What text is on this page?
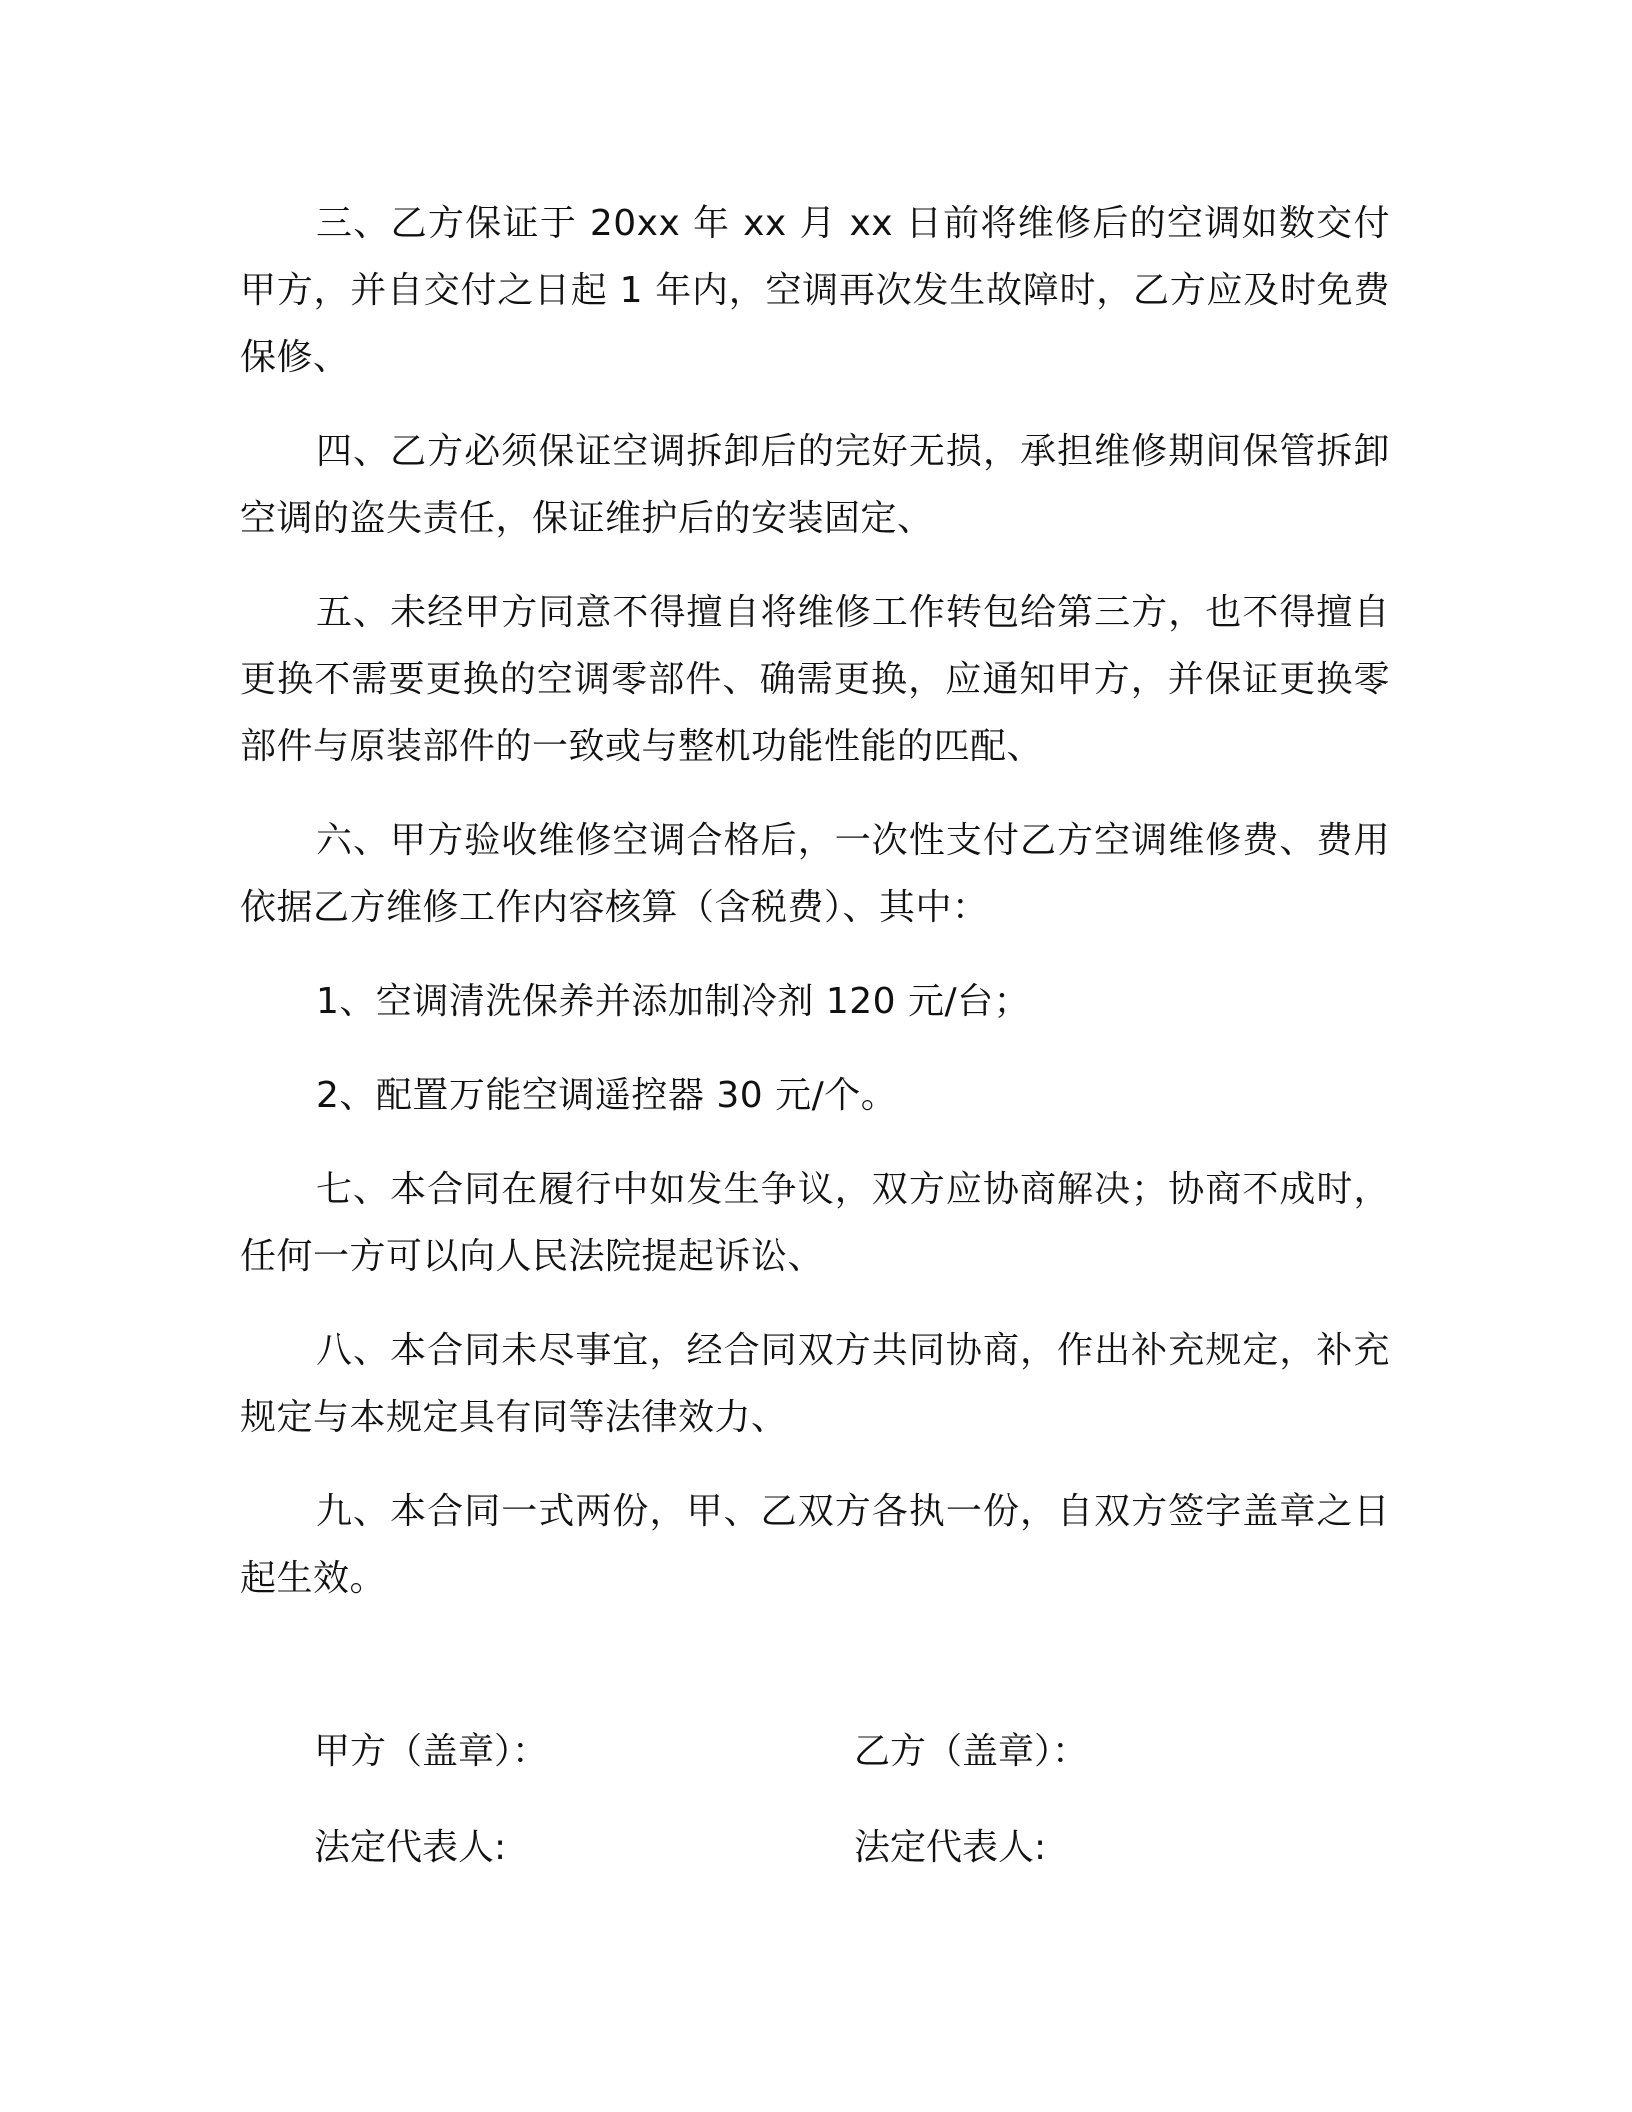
三、乙方保证于 20xx 年 xx 月 xx 日前将维修后的空调如数交付甲方，并自交付之日起 1 年内，空调再次发生故障时，乙方应及时免费保修、

四、乙方必须保证空调拆卸后的完好无损，承担维修期间保管拆卸空调的盗失责任，保证维护后的安装固定、

五、未经甲方同意不得擅自将维修工作转包给第三方，也不得擅自更换不需要更换的空调零部件、确需更换，应通知甲方，并保证更换零部件与原装部件的一致或与整机功能性能的匹配、

六、甲方验收维修空调合格后，一次性支付乙方空调维修费、费用依据乙方维修工作内容核算（含税费）、其中：

1、空调清洗保养并添加制冷剂 120 元/台；

2、配置万能空调遥控器 30 元/个。

七、本合同在履行中如发生争议，双方应协商解决；协商不成时，任何一方可以向人民法院提起诉讼、

八、本合同未尽事宜，经合同双方共同协商，作出补充规定，补充规定与本规定具有同等法律效力、

九、本合同一式两份，甲、乙双方各执一份，自双方签字盖章之日起生效。

甲方（盖章）：	乙方（盖章）：
法定代表人:	法定代表人:
